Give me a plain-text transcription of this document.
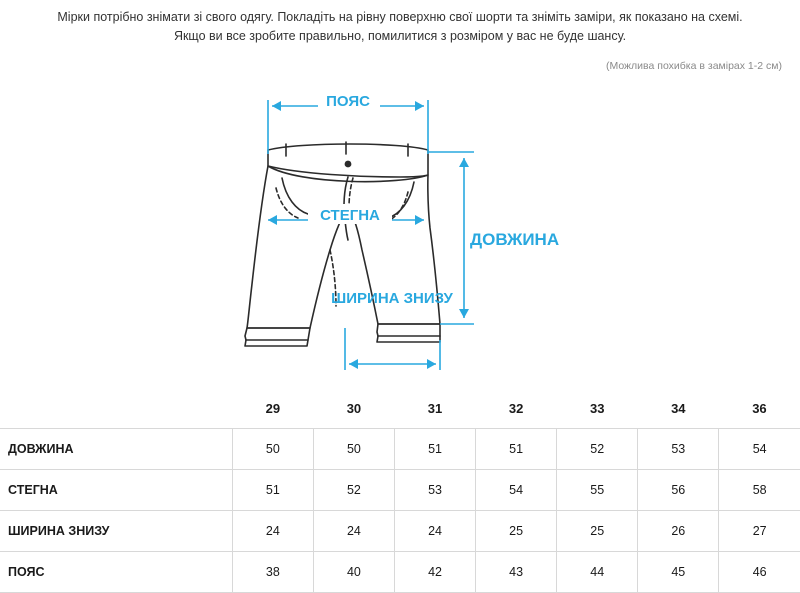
Мірки потрібно знімати зі свого одягу. Покладіть на рівну поверхню свої шорти та зніміть заміри, як показано на схемі.
Якщо ви все зробите правильно, помилитися з розміром у вас не буде шансу.
(Можлива похибка в замірах 1-2 см)
ПОЯС
СТЕГНА
ДОВЖИНА
ШИРИНА ЗНИЗУ
	29	30	31	32	33	34	36
ДОВЖИНА	50	50	51	51	52	53	54
СТЕГНА	51	52	53	54	55	56	58
ШИРИНА ЗНИЗУ	24	24	24	25	25	26	27
ПОЯС	38	40	42	43	44	45	46
